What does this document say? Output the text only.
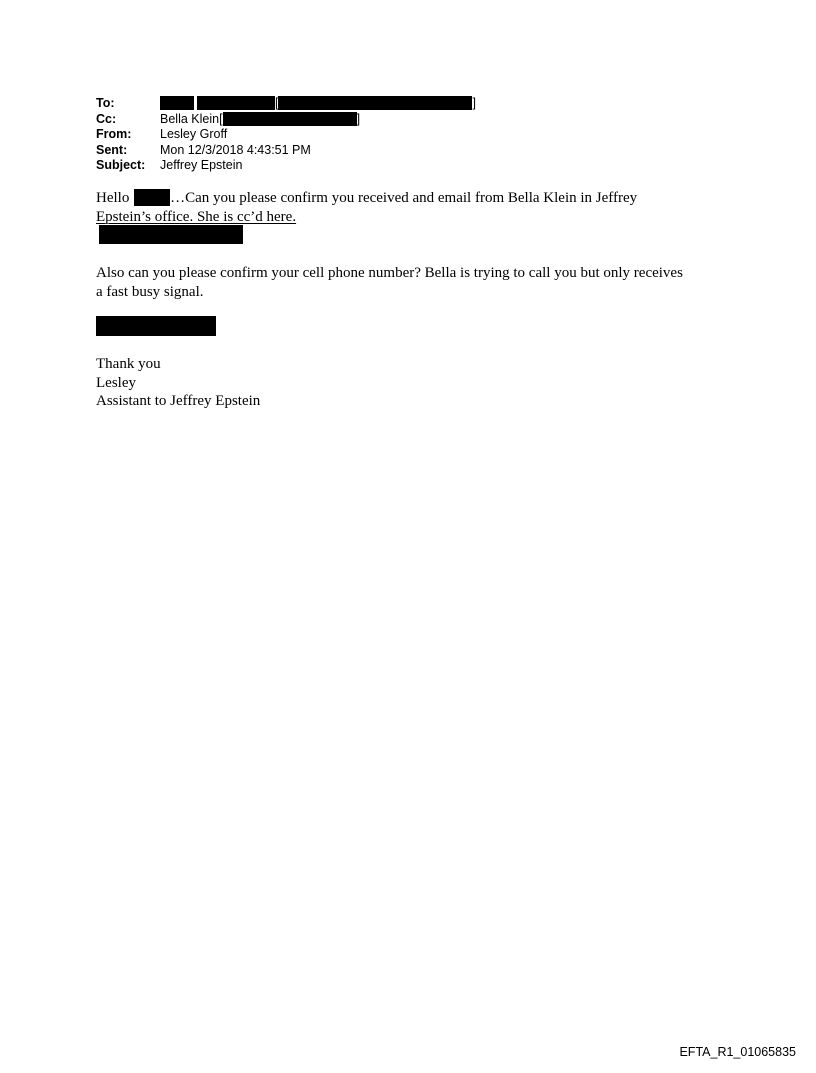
To:	[	]
Cc:	Bella Klein[	]
From: Lesley Groff
Sent:	Mon 12/3/2018 4:43:51 PM
Subject: Jeffrey Epstein
Hello	…Can you please confirm you received and email from Bella Klein in Jeffrey
Epstein’s office. She is cc’d here.
Also can you please confirm your cell phone number? Bella is trying to call you but only receives
a fast busy signal.
Thank you
Lesley
Assistant to Jeffrey Epstein
EFTA_R1_01065835
